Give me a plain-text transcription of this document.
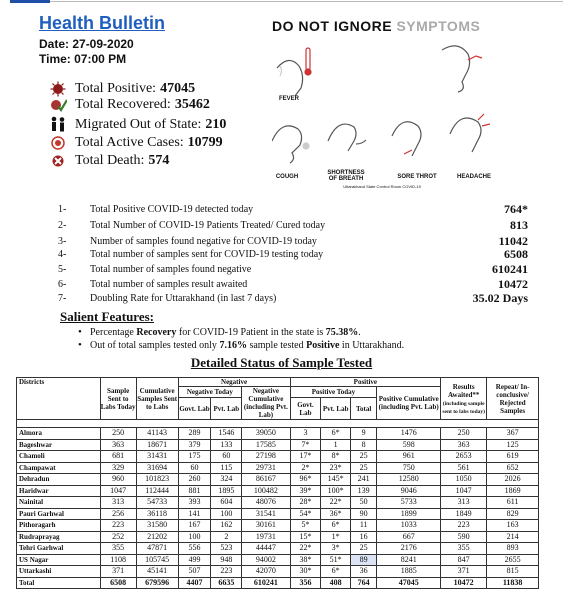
Health Bulletin
Date: 27-09-2020
Time: 07:00 PM
Total Positive: 47045
Total Recovered: 35462
Migrated Out of State: 210
Total Active Cases: 10799
Total Death: 574
DO NOT IGNORE SYMPTOMS
FEVER
COUGH
SHORTNESS OF BREATH	SORE THROT	HEADACHE
Uttarakhand State Control Room COVID-19
1- Total Positive COVID-19 detected today	764*
2- Total Number of COVID-19 Patients Treated/ Cured today	813
3- Number of samples found negative for COVID-19 today	11042
4- Total number of samples sent for COVID-19 testing today	6508
5- Total number of samples found negative	610241
6- Total number of samples result awaited	10472
7- Doubling Rate for Uttarakhand (in last 7 days)	35.02 Days
Salient Features:
• Percentage Recovery for COVID-19 Patient in the state is 75.38%.
• Out of total samples tested only 7.16% sample tested Positive in Uttarakhand.
Detailed Status of Sample Tested
Districts	Sample Sent to Labs Today	Cumulative Samples Sent to Labs	Negative			Positive				Results Awaited**
(including sample sent to labs today)	Repeat/ In-conclusive/ Rejected Samples
			Negative Today		Negative Cumulative (including Pvt. Lab)	Positive Today			Positive Cumulative (including Pvt. Lab)		
			Govt. Lab	Pvt. Lab		Govt. Lab	Pvt. Lab	Total			

Almora	250	41143	289	1546	39050	3	6*	9	1476	250	367
Bageshwar	363	18671	379	133	17585	7*	1	8	598	363	125
Chamoli	681	31431	175	60	27198	17*	8*	25	961	2653	619
Champawat	329	31694	60	115	29731	2*	23*	25	750	561	652
Dehradun	960	101823	260	324	86167	96*	145*	241	12580	1050	2026
Haridwar	1047	112444	881	1895	100482	39*	100*	139	9046	1047	1869
Nainital	313	54733	393	604	48076	28*	22*	50	5733	313	611
Pauri Garhwal	256	36118	141	100	31541	54*	36*	90	1899	1849	829
Pithoragarh	223	31580	167	162	30161	5*	6*	11	1033	223	163
Rudraprayag	252	21202	100	2	19731	15*	1*	16	667	590	214
Tehri Garhwal	355	47871	556	523	44447	22*	3*	25	2176	355	893
US Nagar	1108	105745	499	948	94002	38*	51*	89	8241	847	2655
Uttarkashi	371	45141	507	223	42070	30*	6*	36	1885	371	815
Total	6508	679596	4407	6635	610241	356	408	764	47045	10472	11838
